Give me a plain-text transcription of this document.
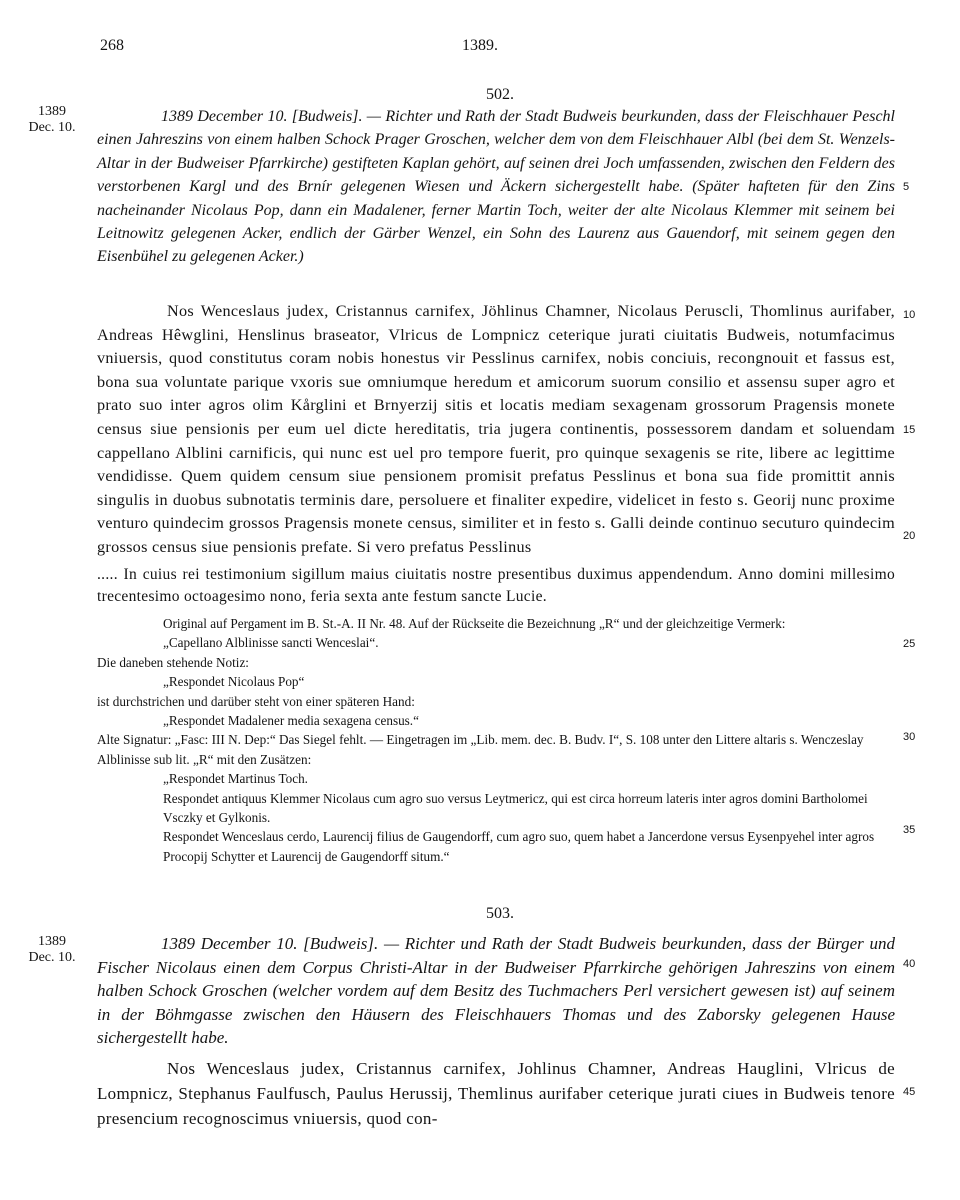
268	1389.
502.
1389
Dec. 10.
1389 December 10. [Budweis]. — Richter und Rath der Stadt Budweis beurkunden, dass der Fleischhauer Peschl einen Jahreszins von einem halben Schock Prager Groschen, welcher dem von dem Fleischhauer Albl (bei dem St. Wenzels-Altar in der Budweiser Pfarrkirche) gestifteten Kaplan gehört, auf seinen drei Joch umfassenden, zwischen den Feldern des verstorbenen Kargl und des Brnír gelegenen Wiesen und Äckern sichergestellt habe. (Später hafteten für den Zins nacheinander Nicolaus Pop, dann ein Madalener, ferner Martin Toch, weiter der alte Nicolaus Klemmer mit seinem bei Leitnowitz gelegenen Acker, endlich der Gärber Wenzel, ein Sohn des Laurenz aus Gauendorf, mit seinem gegen den Eisenbühel zu gelegenen Acker.)
Nos Wenceslaus judex, Cristannus carnifex, Jöhlinus Chamner, Nicolaus Peruscli, Thomlinus aurifaber, Andreas Hêwglini, Henslinus braseator, Vlricus de Lompnicz ceterique jurati ciuitatis Budweis, notumfacimus vniuersis, quod constitutus coram nobis honestus vir Pesslinus carnifex, nobis conciuis, recongnouit et fassus est, bona sua voluntate parique vxoris sue omniumque heredum et amicorum suorum consilio et assensu super agro et prato suo inter agros olim Kårglini et Brnyerzij sitis et locatis mediam sexagenam grossorum Pragensis monete census siue pensionis per eum uel dicte hereditatis, tria jugera continentis, possessorem dandam et soluendam cappellano Alblini carnificis, qui nunc est uel pro tempore fuerit, pro quinque sexagenis se rite, libere ac legittime vendidisse. Quem quidem censum siue pensionem promisit prefatus Pesslinus et bona sua fide promittit annis singulis in duobus subnotatis terminis dare, persoluere et finaliter expedire, videlicet in festo s. Georij nunc proxime venturo quindecim grossos Pragensis monete census, similiter et in festo s. Galli deinde continuo secuturo quindecim grossos census siue pensionis prefate. Si vero prefatus Pesslinus
..... In cuius rei testimonium sigillum maius ciuitatis nostre presentibus duximus appendendum. Anno domini millesimo trecentesimo octoagesimo nono, feria sexta ante festum sancte Lucie.

Original auf Pergament im B. St.-A. II Nr. 48. Auf der Rückseite die Bezeichnung „R“ und der gleichzeitige Vermerk:

„Capellano Alblinisse sancti Wenceslai“.

Die daneben stehende Notiz:

„Respondet Nicolaus Pop“

ist durchstrichen und darüber steht von einer späteren Hand:

„Respondet Madalener media sexagena census.“

Alte Signatur: „Fasc: III N. Dep:“ Das Siegel fehlt. — Eingetragen im „Lib. mem. dec. B. Budv. I“, S. 108 unter den Littere altaris s. Wenczeslay Alblinisse sub lit. „R“ mit den Zusätzen:

„Respondet Martinus Toch.

Respondet antiquus Klemmer Nicolaus cum agro suo versus Leytmericz, qui est circa horreum lateris inter agros domini Bartholomei Vsczky et Gylkonis.

Respondet Wenceslaus cerdo, Laurencij filius de Gaugendorff, cum agro suo, quem habet a Jancerdone versus Eysenpyehel inter agros Procopij Schytter et Laurencij de Gaugendorff situm.“

503.
1389
Dec. 10.
1389 December 10. [Budweis]. — Richter und Rath der Stadt Budweis beurkunden, dass der Bürger und Fischer Nicolaus einen dem Corpus Christi-Altar in der Budweiser Pfarrkirche gehörigen Jahreszins von einem halben Schock Groschen (welcher vordem auf dem Besitz des Tuchmachers Perl versichert gewesen ist) auf seinem in der Böhmgasse zwischen den Häusern des Fleischhauers Thomas und des Zaborsky gelegenen Hause sichergestellt habe.
Nos Wenceslaus judex, Cristannus carnifex, Johlinus Chamner, Andreas Hauglini, Vlricus de Lompnicz, Stephanus Faulfusch, Paulus Herussij, Themlinus aurifaber ceterique jurati ciues in Budweis tenore presencium recognoscimus vniuersis, quod con-
5
10
15
20
25
30
35
40
45
